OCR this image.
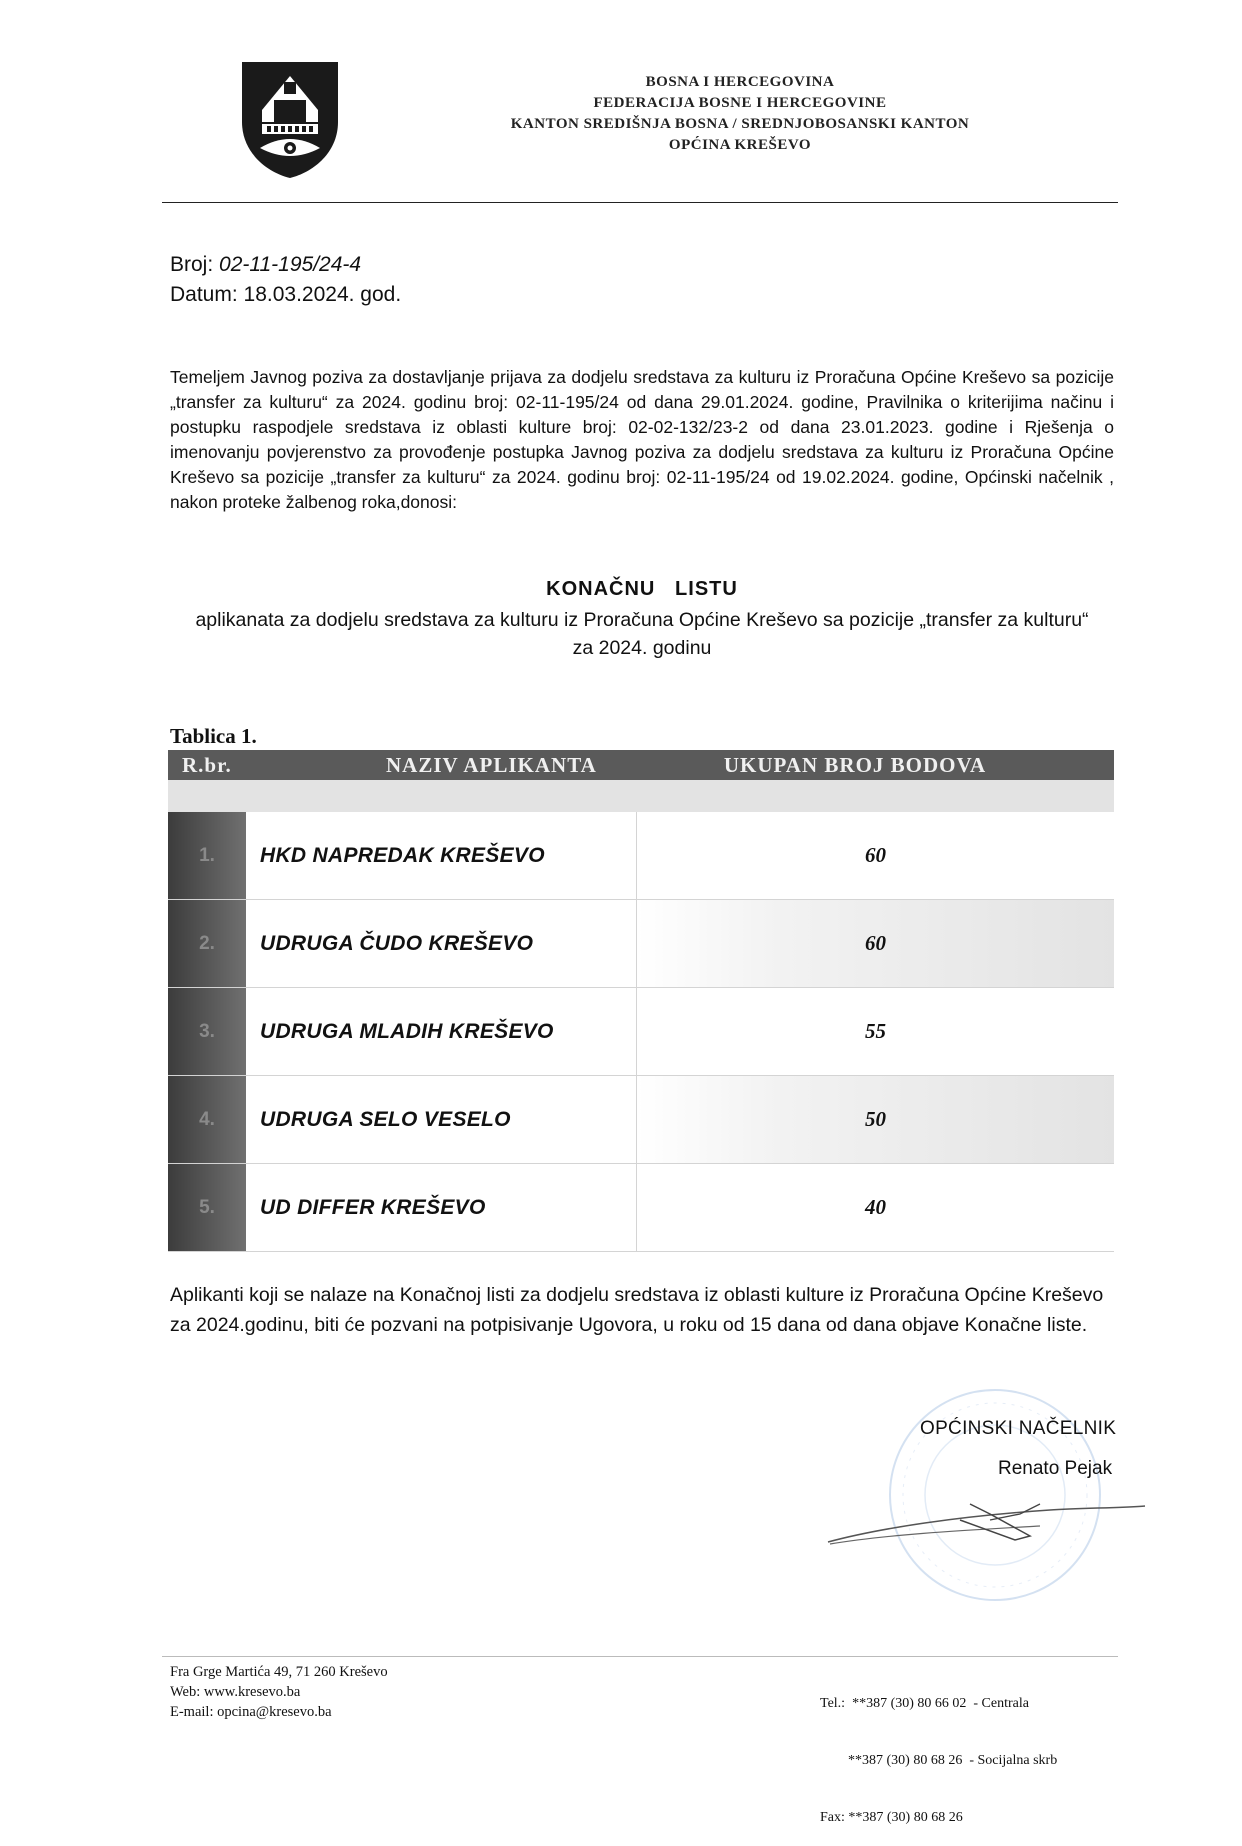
BOSNA I HERCEGOVINA
FEDERACIJA BOSNE I HERCEGOVINE
KANTON SREDIŠNJA BOSNA / SREDNJOBOSANSKI KANTON
OPĆINA KREŠEVO
Broj: 02-11-195/24-4
Datum: 18.03.2024. god.
Temeljem Javnog poziva za dostavljanje prijava za dodjelu sredstava za kulturu iz Proračuna Općine Kreševo sa pozicije „transfer za kulturu“ za 2024. godinu broj: 02-11-195/24 od dana 29.01.2024. godine, Pravilnika o kriterijima načinu i postupku raspodjele sredstava iz oblasti kulture broj: 02-02-132/23-2 od dana 23.01.2023. godine i Rješenja o imenovanju povjerenstvo za provođenje postupka Javnog poziva za dodjelu sredstava za kulturu iz Proračuna Općine Kreševo sa pozicije „transfer za kulturu“ za 2024. godinu broj: 02-11-195/24 od 19.02.2024. godine, Općinski načelnik , nakon proteke žalbenog roka,donosi:
KONAČNU   LISTU
aplikanata za dodjelu sredstava za kulturu iz Proračuna Općine Kreševo sa pozicije „transfer za kulturu“
za 2024. godinu
Tablica 1.
R.br.	NAZIV APLIKANTA	UKUPAN BROJ BODOVA
1.	HKD NAPREDAK KREŠEVO	60
2.	UDRUGA ČUDO KREŠEVO	60
3.	UDRUGA MLADIH KREŠEVO	55
4.	UDRUGA SELO VESELO	50
5.	UD DIFFER KREŠEVO	40
Aplikanti koji se nalaze na Konačnoj listi za dodjelu sredstava iz oblasti kulture iz Proračuna Općine Kreševo za 2024.godinu, biti će pozvani na potpisivanje Ugovora, u roku od 15 dana od dana objave Konačne liste.
OPĆINSKI NAČELNIK
Renato Pejak
Fra Grge Martića 49, 71 260 Kreševo
Web: www.kresevo.ba
E-mail: opcina@kresevo.ba

Tel.:  **387 (30) 80 66 02  - Centrala

**387 (30) 80 68 26  - Socijalna skrb

Fax: **387 (30) 80 68 26
